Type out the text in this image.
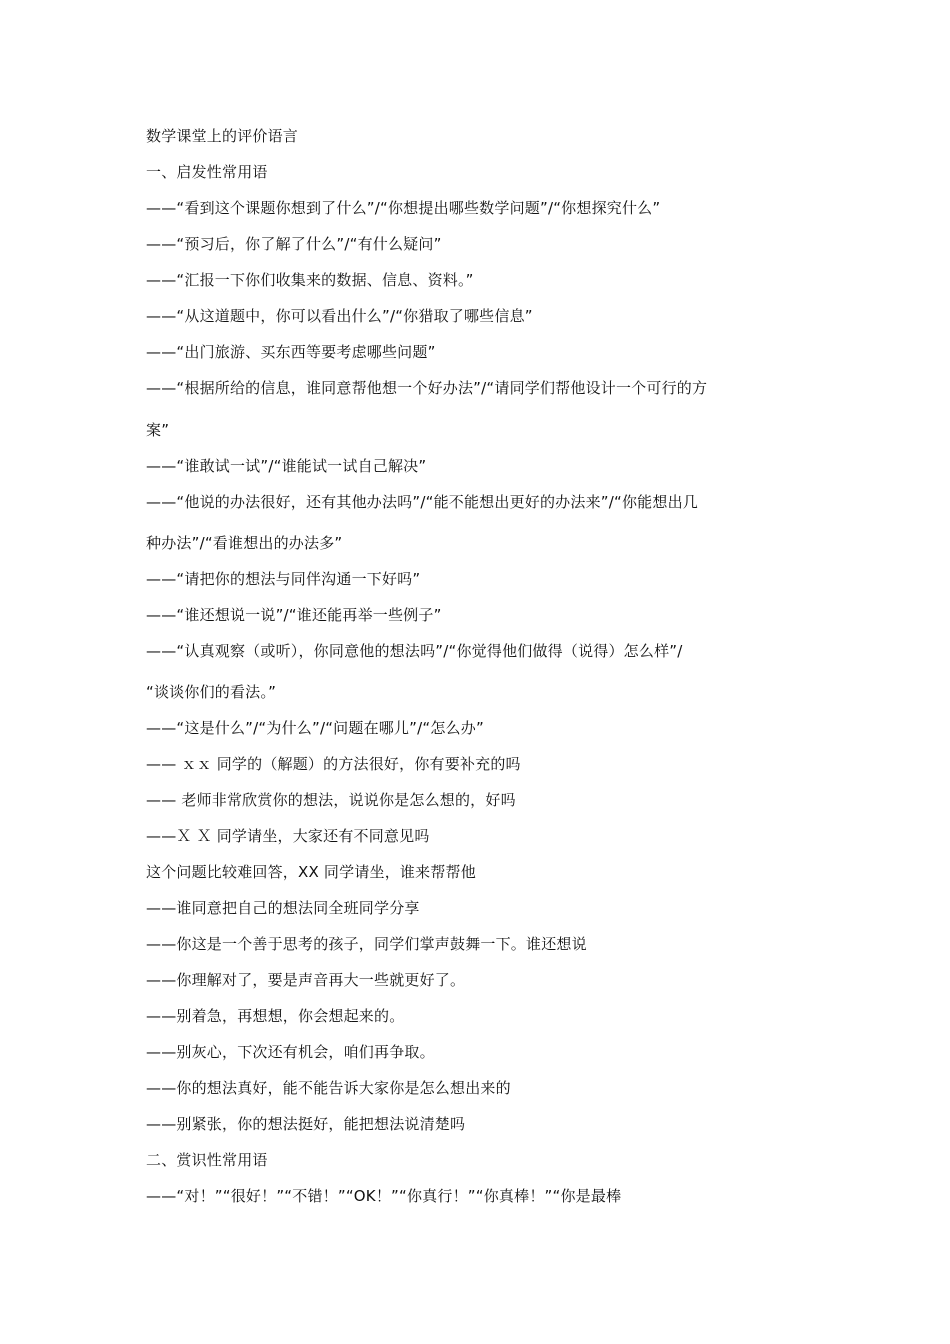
数学课堂上的评价语言
一、启发性常用语
——“看到这个课题你想到了什么”/“你想提出哪些数学问题”/“你想探究什么”
——“预习后，你了解了什么”/“有什么疑问”
——“汇报一下你们收集来的数据、信息、资料。”
——“从这道题中，你可以看出什么”/“你猎取了哪些信息”
——“出门旅游、买东西等要考虑哪些问题”
——“根据所给的信息，谁同意帮他想一个好办法”/“请同学们帮他设计一个可行的方
案”
——“谁敢试一试”/“谁能试一试自己解决”
——“他说的办法很好，还有其他办法吗”/“能不能想出更好的办法来”/“你能想出几
种办法”/“看谁想出的办法多”
——“请把你的想法与同伴沟通一下好吗”
——“谁还想说一说”/“谁还能再举一些例子”
——“认真观察（或听），你同意他的想法吗”/“你觉得他们做得（说得）怎么样”/
“谈谈你们的看法。”
——“这是什么”/“为什么”/“问题在哪儿”/“怎么办”
—— ｘｘ 同学的（解题）的方法很好，你有要补充的吗
—— 老师非常欣赏你的想法，说说你是怎么想的，好吗
——Ｘ Ｘ 同学请坐，大家还有不同意见吗
这个问题比较难回答，XX 同学请坐，谁来帮帮他
——谁同意把自己的想法同全班同学分享
——你这是一个善于思考的孩子，同学们掌声鼓舞一下。谁还想说
——你理解对了，要是声音再大一些就更好了。
——别着急，再想想，你会想起来的。
——别灰心，下次还有机会，咱们再争取。
——你的想法真好，能不能告诉大家你是怎么想出来的
——别紧张，你的想法挺好，能把想法说清楚吗
二、赏识性常用语
——“对！”“很好！”“不错！”“OK！”“你真行！”“你真棒！”“你是最棒
